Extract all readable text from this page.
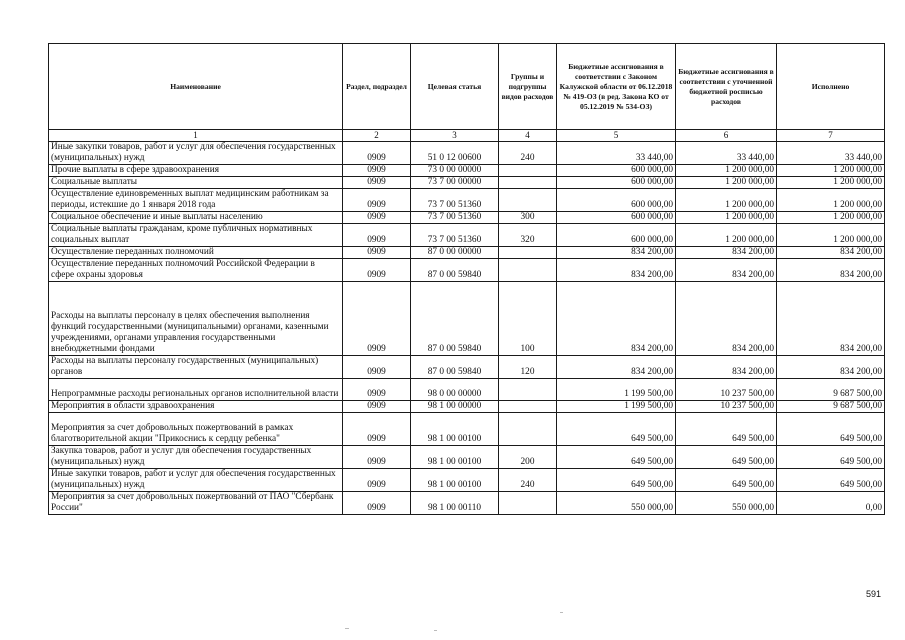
Наименование	Раздел, подраздел	Целевая статья	Группы и подгруппы видов расходов	Бюджетные ассигнования в соответствии с Законом Калужской области от 06.12.2018 № 419-ОЗ (в ред. Закона КО от 05.12.2019 № 534-ОЗ)	Бюджетные ассигнования в соответствии с уточненной бюджетной росписью расходов	Исполнено
1	2	3	4	5	6	7
Иные закупки товаров, работ и услуг для обеспечения государственных (муниципальных) нужд	0909	51 0 12 00600	240	33 440,00	33 440,00	33 440,00
Прочие выплаты в сфере здравоохранения	0909	73 0 00 00000		600 000,00	1 200 000,00	1 200 000,00
Социальные выплаты	0909	73 7 00 00000		600 000,00	1 200 000,00	1 200 000,00
Осуществление единовременных выплат медицинским работникам за периоды, истекшие до 1 января 2018 года	0909	73 7 00 51360		600 000,00	1 200 000,00	1 200 000,00
Социальное обеспечение и иные выплаты населению	0909	73 7 00 51360	300	600 000,00	1 200 000,00	1 200 000,00
Социальные выплаты гражданам, кроме публичных нормативных социальных выплат	0909	73 7 00 51360	320	600 000,00	1 200 000,00	1 200 000,00
Осуществление переданных полномочий	0909	87 0 00 00000		834 200,00	834 200,00	834 200,00
Осуществление переданных полномочий Российской Федерации в сфере охраны здоровья	0909	87 0 00 59840		834 200,00	834 200,00	834 200,00
Расходы на выплаты персоналу в целях обеспечения выполнения функций государственными (муниципальными) органами, казенными учреждениями, органами управления государственными внебюджетными фондами	0909	87 0 00 59840	100	834 200,00	834 200,00	834 200,00
Расходы на выплаты персоналу государственных (муниципальных) органов	0909	87 0 00 59840	120	834 200,00	834 200,00	834 200,00
Непрограммные расходы региональных органов исполнительной власти	0909	98 0 00 00000		1 199 500,00	10 237 500,00	9 687 500,00
Мероприятия в области здравоохранения	0909	98 1 00 00000		1 199 500,00	10 237 500,00	9 687 500,00
Мероприятия за счет добровольных пожертвований в рамках благотворительной акции "Прикоснись к сердцу ребенка"	0909	98 1 00 00100		649 500,00	649 500,00	649 500,00
Закупка товаров, работ и услуг для обеспечения государственных (муниципальных) нужд	0909	98 1 00 00100	200	649 500,00	649 500,00	649 500,00
Иные закупки товаров, работ и услуг для обеспечения государственных (муниципальных) нужд	0909	98 1 00 00100	240	649 500,00	649 500,00	649 500,00
Мероприятия за счет добровольных пожертвований от ПАО "Сбербанк России"	0909	98 1 00 00110		550 000,00	550 000,00	0,00
591
